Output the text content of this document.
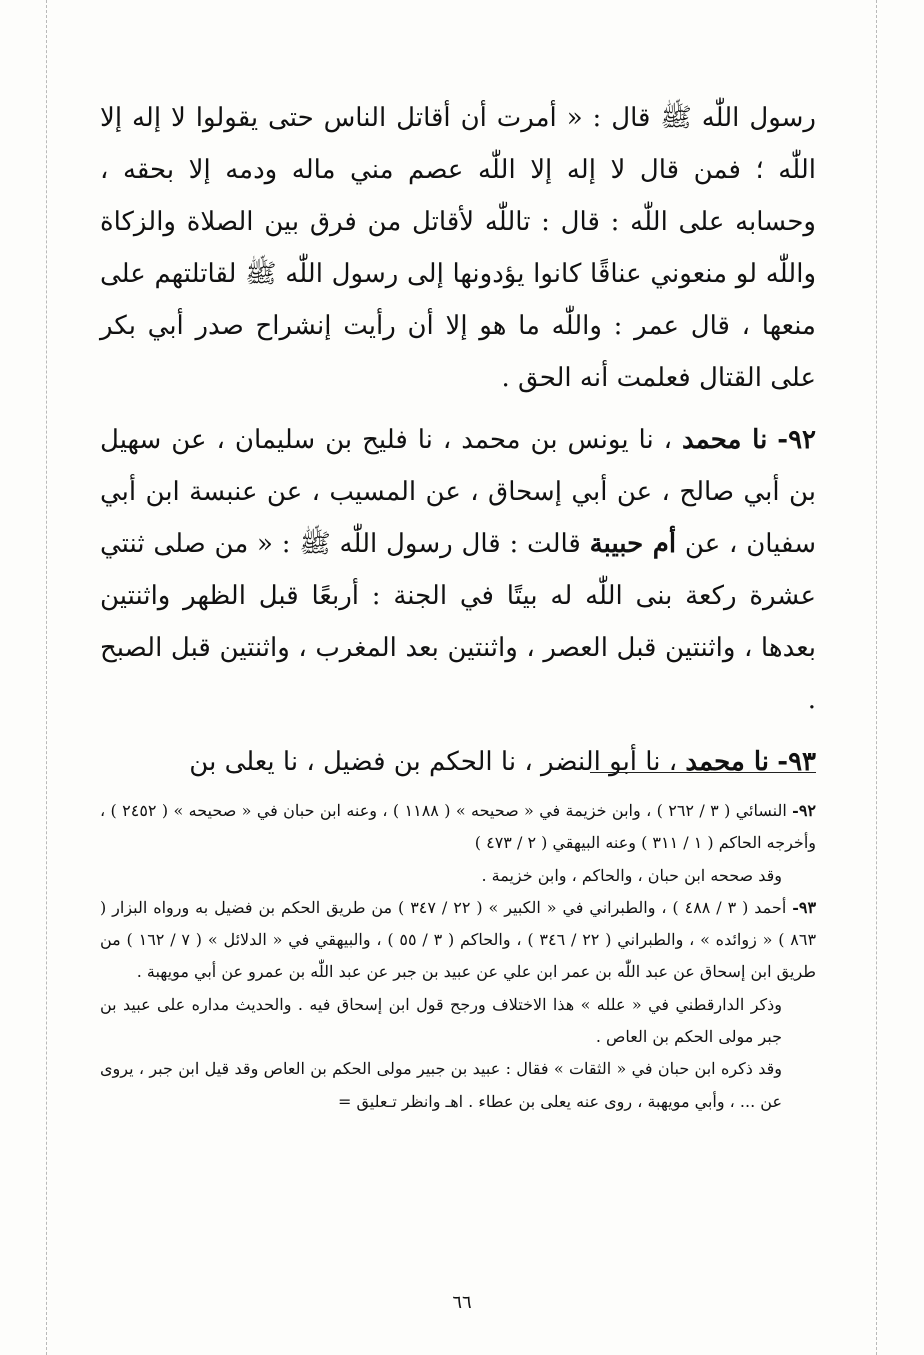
رسول اللّٰه ﷺ قال : « أمرت أن أقاتل الناس حتى يقولوا لا إله إلا اللّٰه ؛ فمن قال لا إله إلا اللّٰه عصم مني ماله ودمه إلا بحقه ، وحسابه على اللّٰه : قال : تاللّٰه لأقاتل من فرق بين الصلاة والزكاة واللّٰه لو منعوني عناقًا كانوا يؤدونها إلى رسول اللّٰه ﷺ لقاتلتهم على منعها ، قال عمر : واللّٰه ما هو إلا أن رأيت إنشراح صدر أبي بكر على القتال فعلمت أنه الحق .

٩٢- نا محمد ، نا يونس بن محمد ، نا فليح بن سليمان ، عن سهيل بن أبي صالح ، عن أبي إسحاق ، عن المسيب ، عن عنبسة ابن أبي سفيان ، عن أم حبيبة قالت : قال رسول اللّٰه ﷺ : « من صلى ثنتي عشرة ركعة بنى اللّٰه له بيتًا في الجنة : أربعًا قبل الظهر واثنتين بعدها ، واثنتين قبل العصر ، واثنتين بعد المغرب ، واثنتين قبل الصبح .

٩٣- نا محمد ، نا أبو النضر ، نا الحكم بن فضيل ، نا يعلى بن

٩٢- النسائي ( ٣ / ٢٦٢ ) ، وابن خزيمة في « صحيحه » ( ١١٨٨ ) ، وعنه ابن حبان في « صحيحه » ( ٢٤٥٢ ) ، وأخرجه الحاكم ( ١ / ٣١١ ) وعنه البيهقي ( ٢ / ٤٧٣ )

وقد صححه ابن حبان ، والحاكم ، وابن خزيمة .

٩٣- أحمد ( ٣ / ٤٨٨ ) ، والطبراني في « الكبير » ( ٢٢ / ٣٤٧ ) من طريق الحكم بن فضيل به ورواه البزار ( ٨٦٣ ) « زوائده » ، والطبراني ( ٢٢ / ٣٤٦ ) ، والحاكم ( ٣ / ٥٥ ) ، والبيهقي في « الدلائل » ( ٧ / ١٦٢ ) من طريق ابن إسحاق عن عبد اللّٰه بن عمر ابن علي عن عبيد بن جبر عن عبد اللّٰه بن عمرو عن أبي مويهبة .

وذكر الدارقطني في « علله » هذا الاختلاف ورجح قول ابن إسحاق فيه . والحديث مداره على عبيد بن جبر مولى الحكم بن العاص .

وقد ذكره ابن حبان في « الثقات » فقال : عبيد بن جبير مولى الحكم بن العاص وقد قيل ابن جبر ، يروى عن ... ، وأبي مويهبة ، روى عنه يعلى بن عطاء . اهـ وانظر تـعليق =

٦٦
